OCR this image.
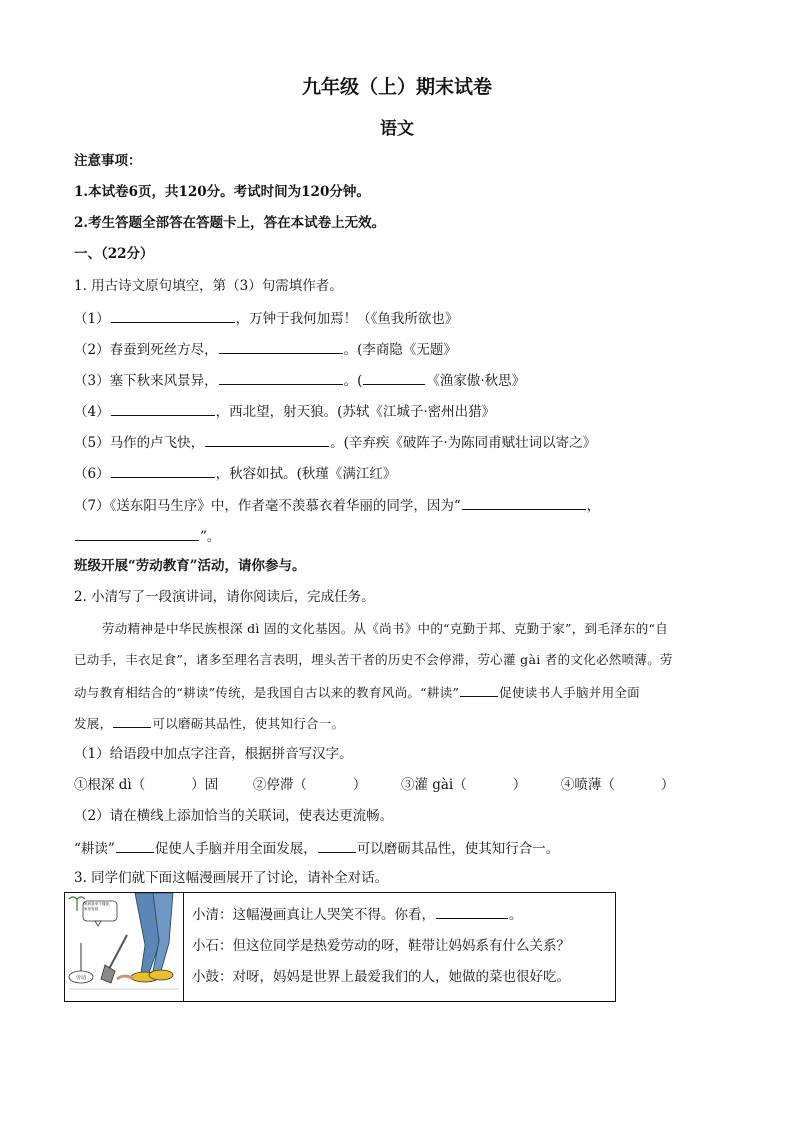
九年级（上）期末试卷
语文
注意事项：
1.本试卷6页，共120分。考试时间为120分钟。
2.考生答题全部答在答题卡上，答在本试卷上无效。
一、（22分）
1. 用古诗文原句填空，第（3）句需填作者。
（1）	，万钟于我何加焉！（《鱼我所欲也》
（2）春蚕到死丝方尽，	。(李商隐《无题》
（3）塞下秋来风景异，	。(	《渔家傲·秋思》
（4）	，西北望，射天狼。(苏轼《江城子·密州出猎》
（5）马作的卢飞快，	。(辛弃疾《破阵子·为陈同甫赋壮词以寄之》
（6）	，秋容如拭。(秋瑾《满江红》
（7）《送东阳马生序》中，作者毫不羡慕衣着华丽的同学，因为“	，
”。
班级开展“劳动教育”活动，请你参与。
2. 小清写了一段演讲词，请你阅读后，完成任务。
劳动精神是中华民族根深 dì 固的文化基因。从《尚书》中的“克勤于邦、克勤于家”，到毛泽东的“自
已动手，丰衣足食”，诸多至理名言表明，埋头苦干者的历史不会停滞，劳心灌 gài 者的文化必然喷薄。劳
动与教育相结合的“耕读”传统，是我国自古以来的教育风尚。“耕读”	促使读书人手脑并用全面
发展，	可以磨砺其品性，使其知行合一。
（1）给语段中加点字注音，根据拼音写汉字。
①根深 dì（	）固	②停滞（	）	③灌 gài（	）	④喷薄（	）
（2）请在横线上添加恰当的关联词，使表达更流畅。
“耕读”	促使人手脑并用全面发展，	可以磨砺其品性，使其知行合一。
3. 同学们就下面这幅漫画展开了讨论，请补全对话。
妈妈我来下楼拿，家里有厨
劳动

小清：这幅漫画真让人哭笑不得。你看，	。
小石：但这位同学是热爱劳动的呀，鞋带让妈妈系有什么关系？
小鼓：对呀，妈妈是世界上最爱我们的人，她做的菜也很好吃。
